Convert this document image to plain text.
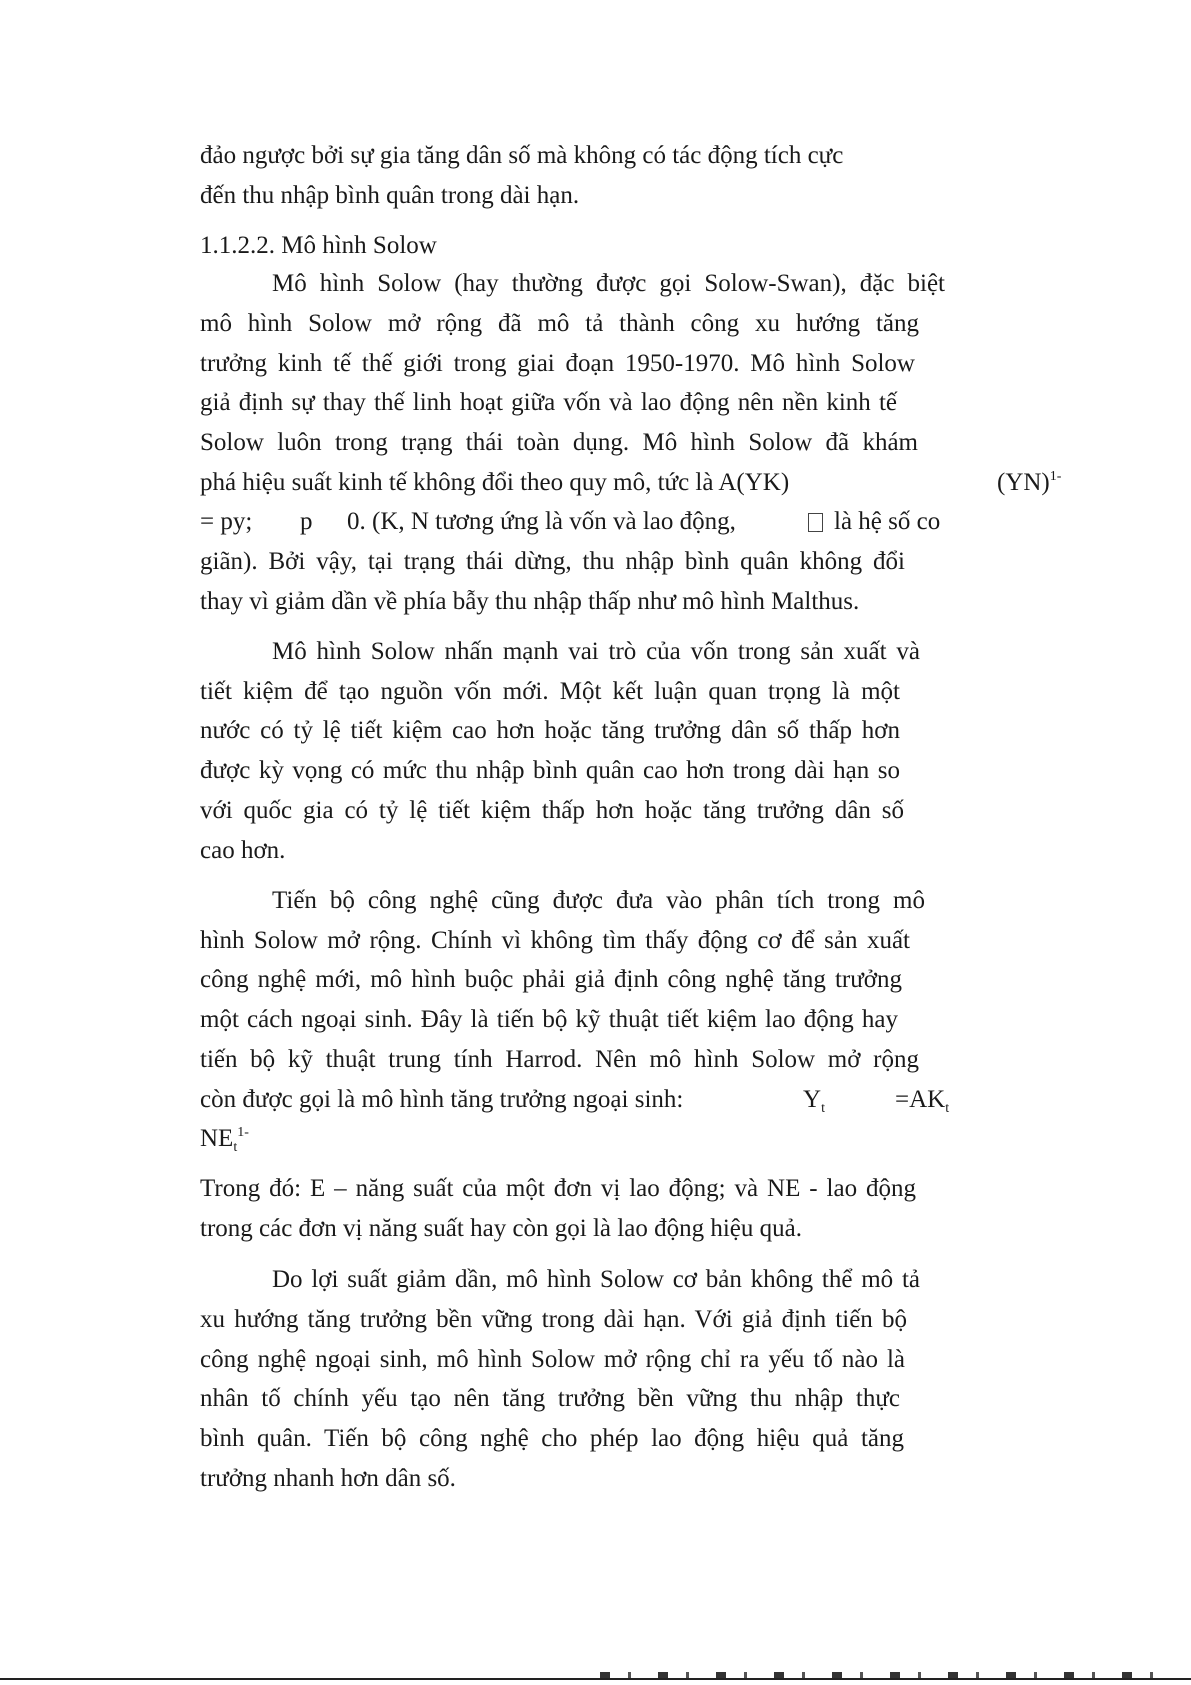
đảo ngược bởi sự gia tăng dân số mà không có tác động tích cực
đến thu nhập bình quân trong dài hạn.
1.1.2.2. Mô hình Solow
Mô hình Solow (hay thường được gọi Solow-Swan), đặc biệt
mô hình Solow mở rộng đã mô tả thành công xu hướng tăng
trưởng kinh tế thế giới trong giai đoạn 1950-1970. Mô hình Solow
giả định sự thay thế linh hoạt giữa vốn và lao động nên nền kinh tế
Solow luôn trong trạng thái toàn dụng. Mô hình Solow đã khám
phá hiệu suất kinh tế không đổi theo quy mô, tức là A(YK)	(YN)$^{1-}$
= py; p 0. (K, N tương ứng là vốn và lao động,	là hệ số co
giãn). Bởi vậy, tại trạng thái dừng, thu nhập bình quân không đổi
thay vì giảm dần về phía bẫy thu nhập thấp như mô hình Malthus.
Mô hình Solow nhấn mạnh vai trò của vốn trong sản xuất và
tiết kiệm để tạo nguồn vốn mới. Một kết luận quan trọng là một
nước có tỷ lệ tiết kiệm cao hơn hoặc tăng trưởng dân số thấp hơn
được kỳ vọng có mức thu nhập bình quân cao hơn trong dài hạn so
với quốc gia có tỷ lệ tiết kiệm thấp hơn hoặc tăng trưởng dân số
cao hơn.
Tiến bộ công nghệ cũng được đưa vào phân tích trong mô
hình Solow mở rộng. Chính vì không tìm thấy động cơ để sản xuất
công nghệ mới, mô hình buộc phải giả định công nghệ tăng trưởng
một cách ngoại sinh. Đây là tiến bộ kỹ thuật tiết kiệm lao động hay
tiến bộ kỹ thuật trung tính Harrod. Nên mô hình Solow mở rộng
còn được gọi là mô hình tăng trưởng ngoại sinh:	$Y_t$	$=AK_t$
$NE_t^{1-}$
Trong đó: E – năng suất của một đơn vị lao động; và NE - lao động
trong các đơn vị năng suất hay còn gọi là lao động hiệu quả.
Do lợi suất giảm dần, mô hình Solow cơ bản không thể mô tả
xu hướng tăng trưởng bền vững trong dài hạn. Với giả định tiến bộ
công nghệ ngoại sinh, mô hình Solow mở rộng chỉ ra yếu tố nào là
nhân tố chính yếu tạo nên tăng trưởng bền vững thu nhập thực
bình quân. Tiến bộ công nghệ cho phép lao động hiệu quả tăng
trưởng nhanh hơn dân số.
